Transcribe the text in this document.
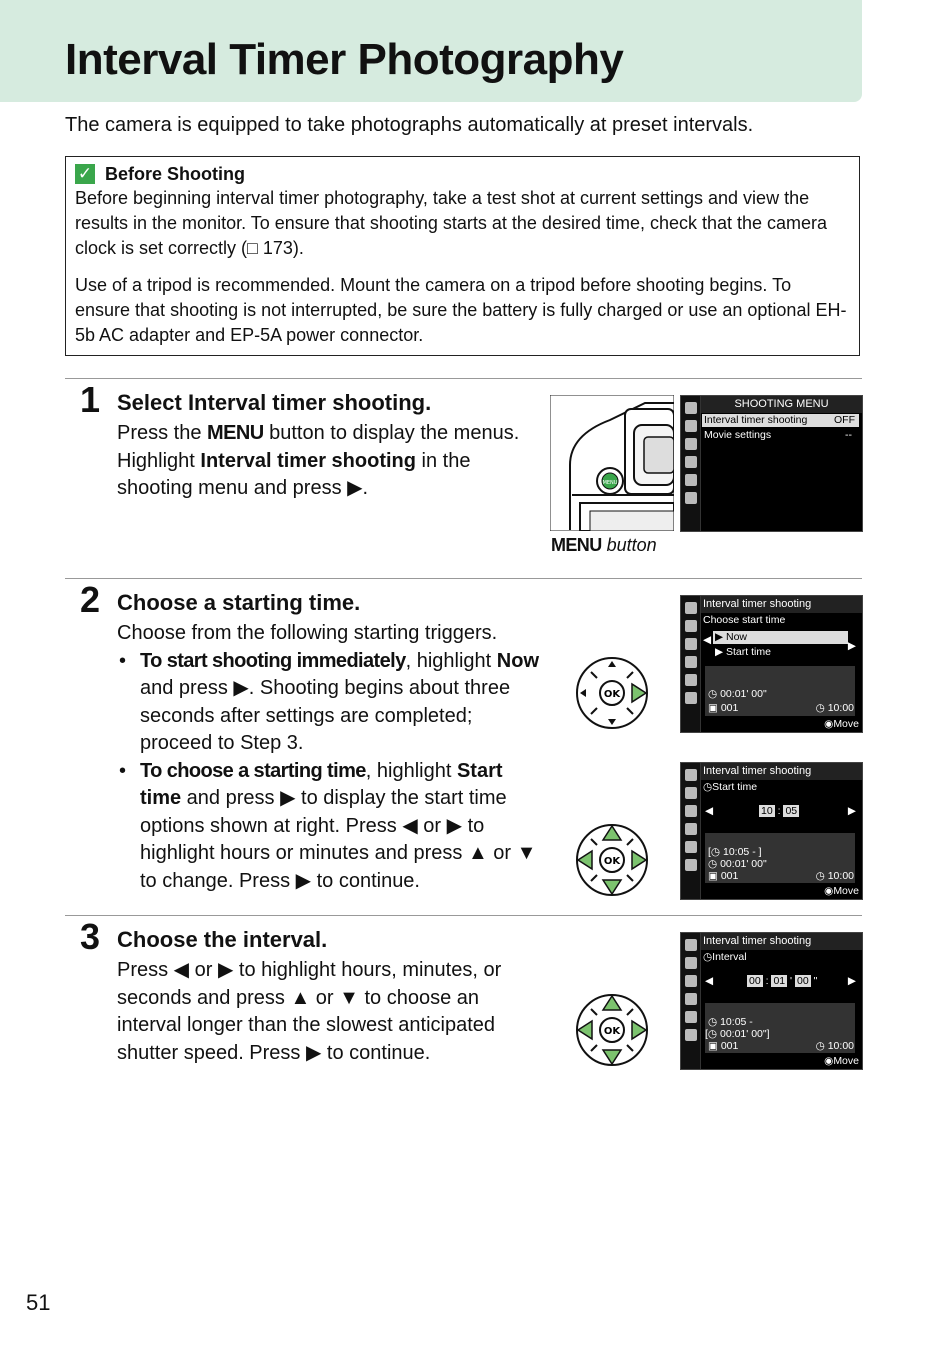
Interval Timer Photography
The camera is equipped to take photographs automatically at preset intervals.
✓ Before Shooting

Before beginning interval timer photography, take a test shot at current settings and view the results in the monitor. To ensure that shooting starts at the desired time, check that the camera clock is set correctly (□ 173).

Use of a tripod is recommended. Mount the camera on a tripod before shooting begins. To ensure that shooting is not interrupted, be sure the battery is fully charged or use an optional EH-5b AC adapter and EP-5A power connector.

1 Select Interval timer shooting.

Press the MENU button to display the menus. Highlight Interval timer shooting in the shooting menu and press ▶.	MENU
SHOOTING MENU
Interval timer shooting	OFF
Movie settings	--
MENU button
2 Choose a starting time.
Choose from the following starting triggers.
• To start shooting immediately, highlight Now and press ▶. Shooting begins about three seconds after settings are completed; proceed to Step 3.
• To choose a starting time, highlight Start time and press ▶ to display the start time options shown at right. Press ◀ or ▶ to highlight hours or minutes and press ▲ or ▼ to change. Press ▶ to continue.
OK
Interval timer shooting
Choose start time
◀ ▶ Now
▶ Start time	▶
◷ 00:01' 00"
▣ 001	◷ 10:00
◉Move
OK
Interval timer shooting
◷Start time
◀	10 : 05	▶
[◷ 10:05 - ]
◷ 00:01' 00"
▣ 001	◷ 10:00
◉Move
3 Choose the interval.

Press ◀ or ▶ to highlight hours, minutes, or seconds and press ▲ or ▼ to choose an interval longer than the slowest anticipated shutter speed. Press ▶ to continue.

OK
Interval timer shooting
◷Interval
◀	00 : 01 ' 00 "	▶
◷ 10:05 -
[◷ 00:01' 00"]
▣ 001	◷ 10:00
◉Move
51
